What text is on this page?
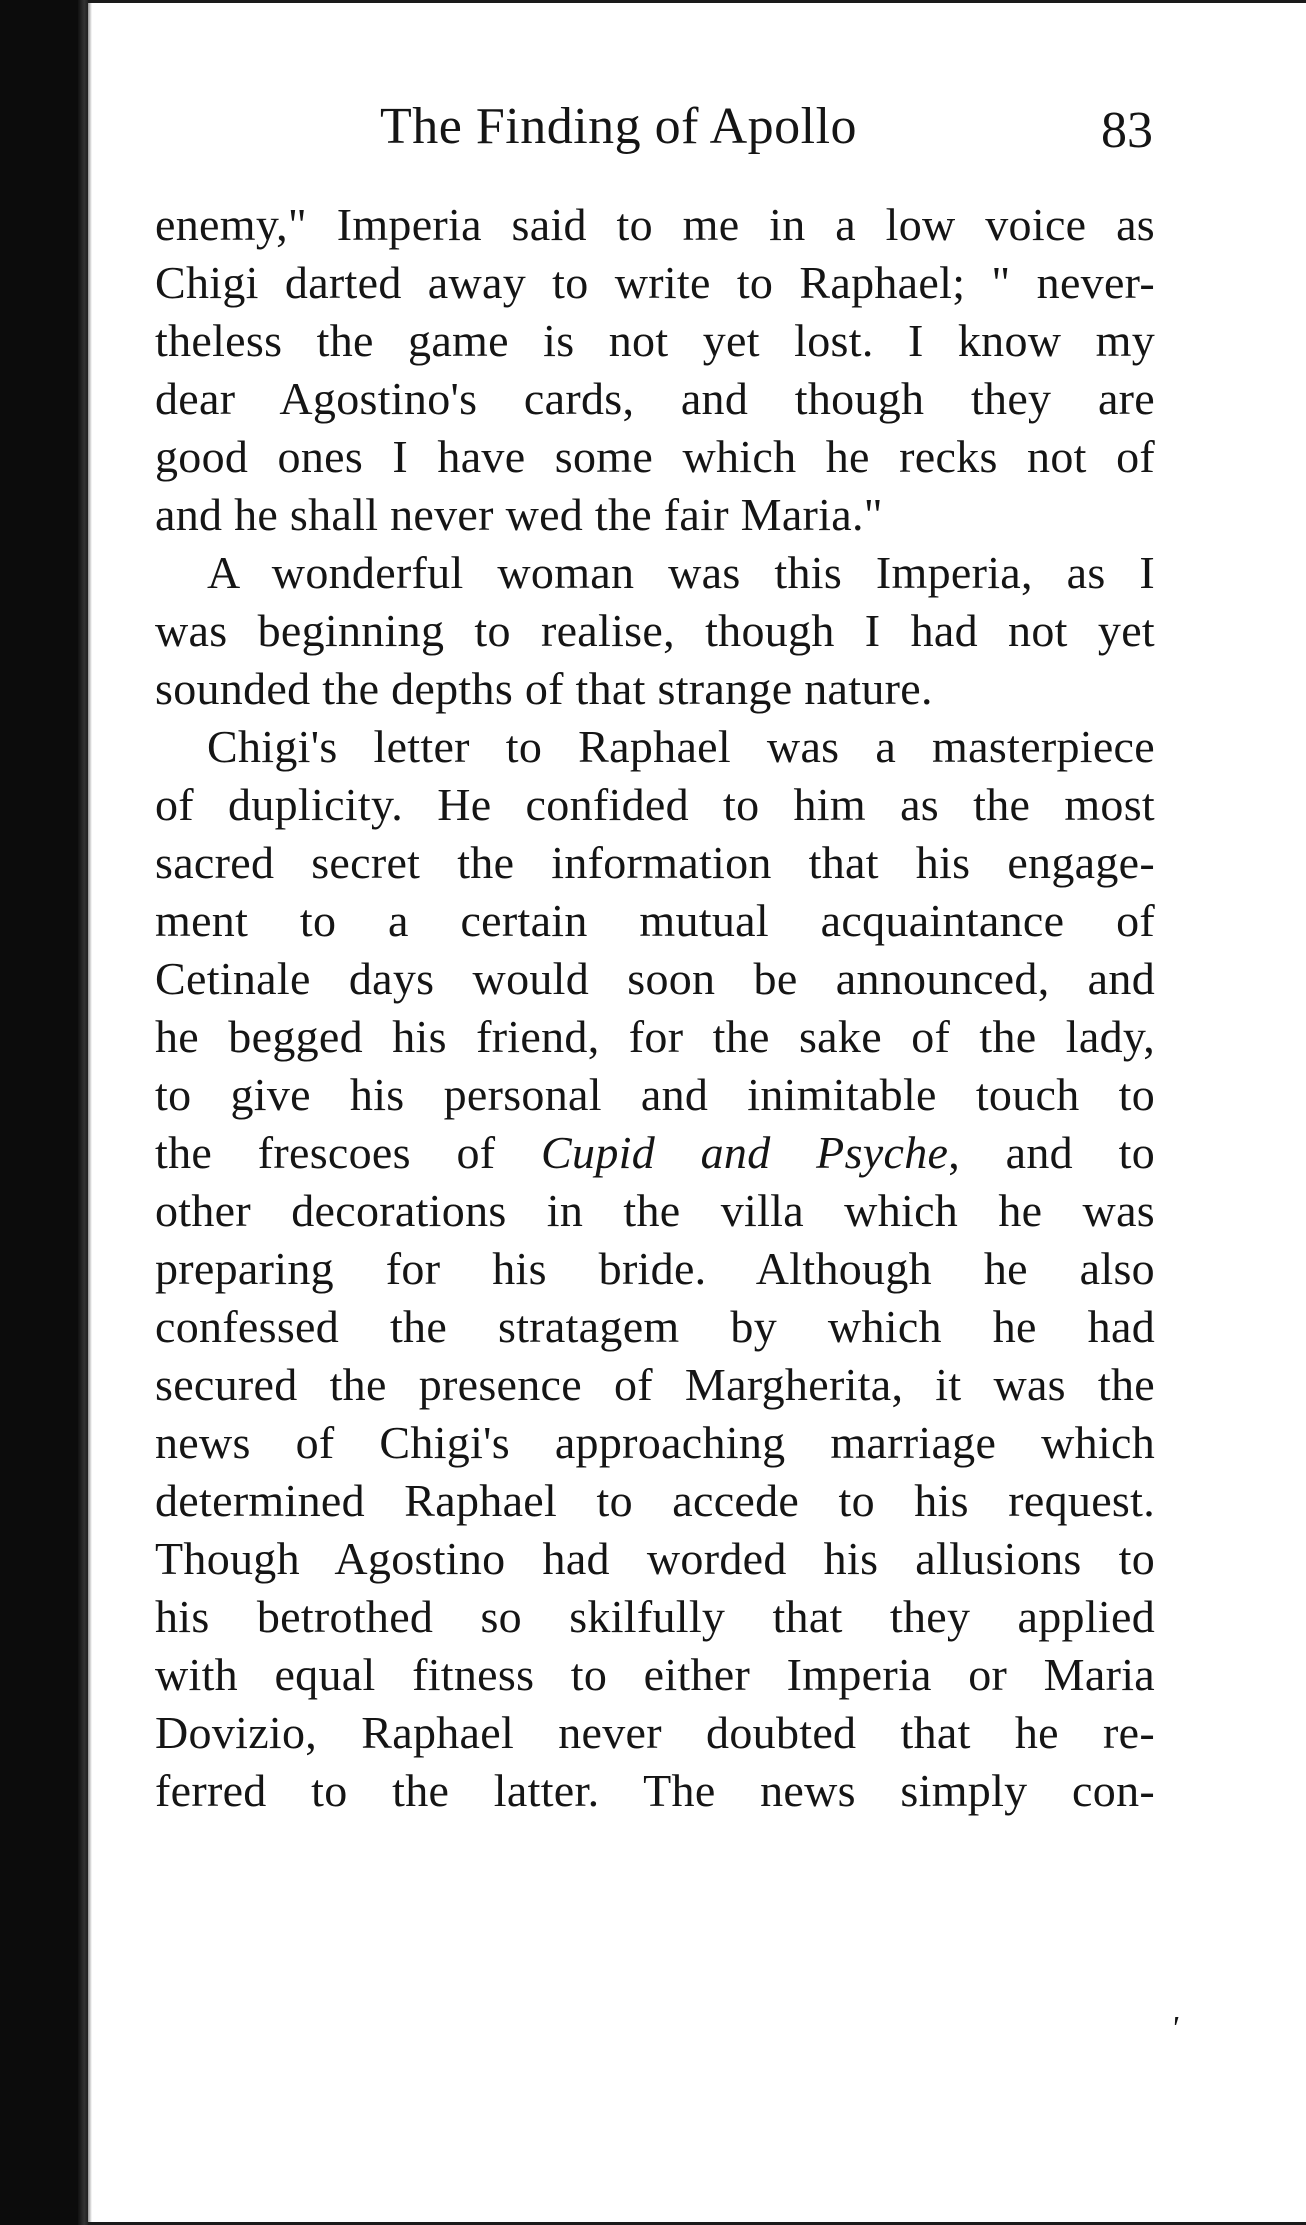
The Finding of Apollo	83

enemy," Imperia said to me in a low voice as
Chigi darted away to write to Raphael; " never-
theless the game is not yet lost. I know my
dear Agostino's cards, and though they are
good ones I have some which he recks not of
and he shall never wed the fair Maria."

A wonderful woman was this Imperia, as I
was beginning to realise, though I had not yet
sounded the depths of that strange nature.

Chigi's letter to Raphael was a masterpiece
of duplicity. He confided to him as the most
sacred secret the information that his engage-
ment to a certain mutual acquaintance of
Cetinale days would soon be announced, and
he begged his friend, for the sake of the lady,
to give his personal and inimitable touch to
the frescoes of Cupid and Psyche, and to
other decorations in the villa which he was
preparing for his bride. Although he also
confessed the stratagem by which he had
secured the presence of Margherita, it was the
news of Chigi's approaching marriage which
determined Raphael to accede to his request.
Though Agostino had worded his allusions to
his betrothed so skilfully that they applied
with equal fitness to either Imperia or Maria
Dovizio, Raphael never doubted that he re-
ferred to the latter. The news simply con-

'
